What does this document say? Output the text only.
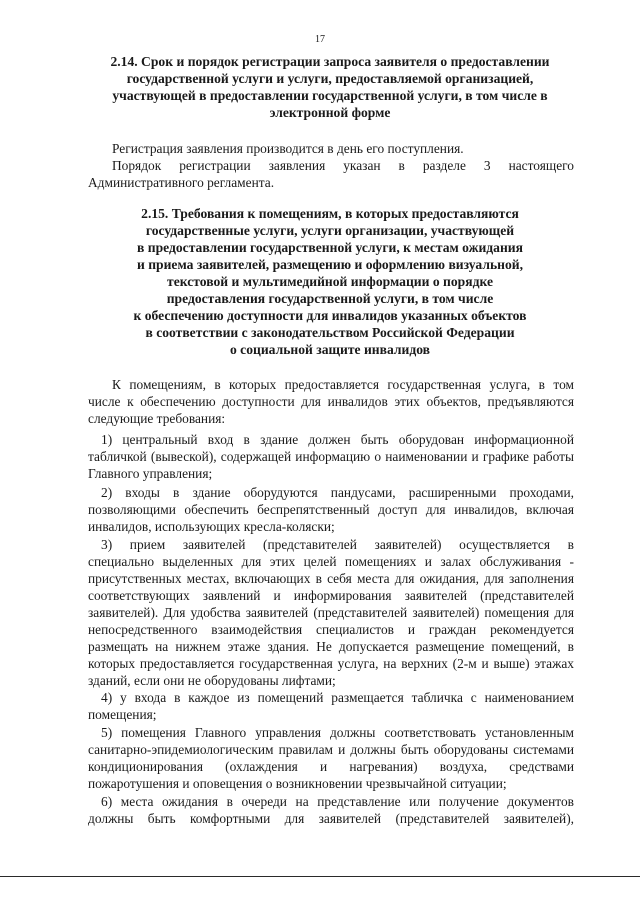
17
2.14. Срок и порядок регистрации запроса заявителя о предоставлении
государственной услуги и услуги, предоставляемой организацией,
участвующей в предоставлении государственной услуги, в том числе в
электронной форме
Регистрация заявления производится в день его поступления.
Порядок регистрации заявления указан в разделе 3 настоящего
Административного регламента.
2.15. Требования к помещениям, в которых предоставляются
государственные услуги, услуги организации, участвующей
в предоставлении государственной услуги, к местам ожидания
и приема заявителей, размещению и оформлению визуальной,
текстовой и мультимедийной информации о порядке
предоставления государственной услуги, в том числе
к обеспечению доступности для инвалидов указанных объектов
в соответствии с законодательством Российской Федерации
о социальной защите инвалидов
К помещениям, в которых предоставляется государственная услуга, в том
числе к обеспечению доступности для инвалидов этих объектов, предъявляются
следующие требования:
1) центральный вход в здание должен быть оборудован информационной
табличкой (вывеской), содержащей информацию о наименовании и графике работы
Главного управления;
2) входы в здание оборудуются пандусами, расширенными проходами,
позволяющими обеспечить беспрепятственный доступ для инвалидов, включая
инвалидов, использующих кресла-коляски;
3) прием заявителей (представителей заявителей) осуществляется в
специально выделенных для этих целей помещениях и залах обслуживания -
присутственных местах, включающих в себя места для ожидания, для заполнения
соответствующих заявлений и информирования заявителей (представителей
заявителей). Для удобства заявителей (представителей заявителей) помещения для
непосредственного взаимодействия специалистов и граждан рекомендуется
размещать на нижнем этаже здания. Не допускается размещение помещений, в
которых предоставляется государственная услуга, на верхних (2-м и выше) этажах
зданий, если они не оборудованы лифтами;
4) у входа в каждое из помещений размещается табличка с наименованием
помещения;
5) помещения Главного управления должны соответствовать установленным
санитарно-эпидемиологическим правилам и должны быть оборудованы системами
кондиционирования (охлаждения и нагревания) воздуха, средствами
пожаротушения и оповещения о возникновении чрезвычайной ситуации;
6) места ожидания в очереди на представление или получение документов
должны быть комфортными для заявителей (представителей заявителей),
